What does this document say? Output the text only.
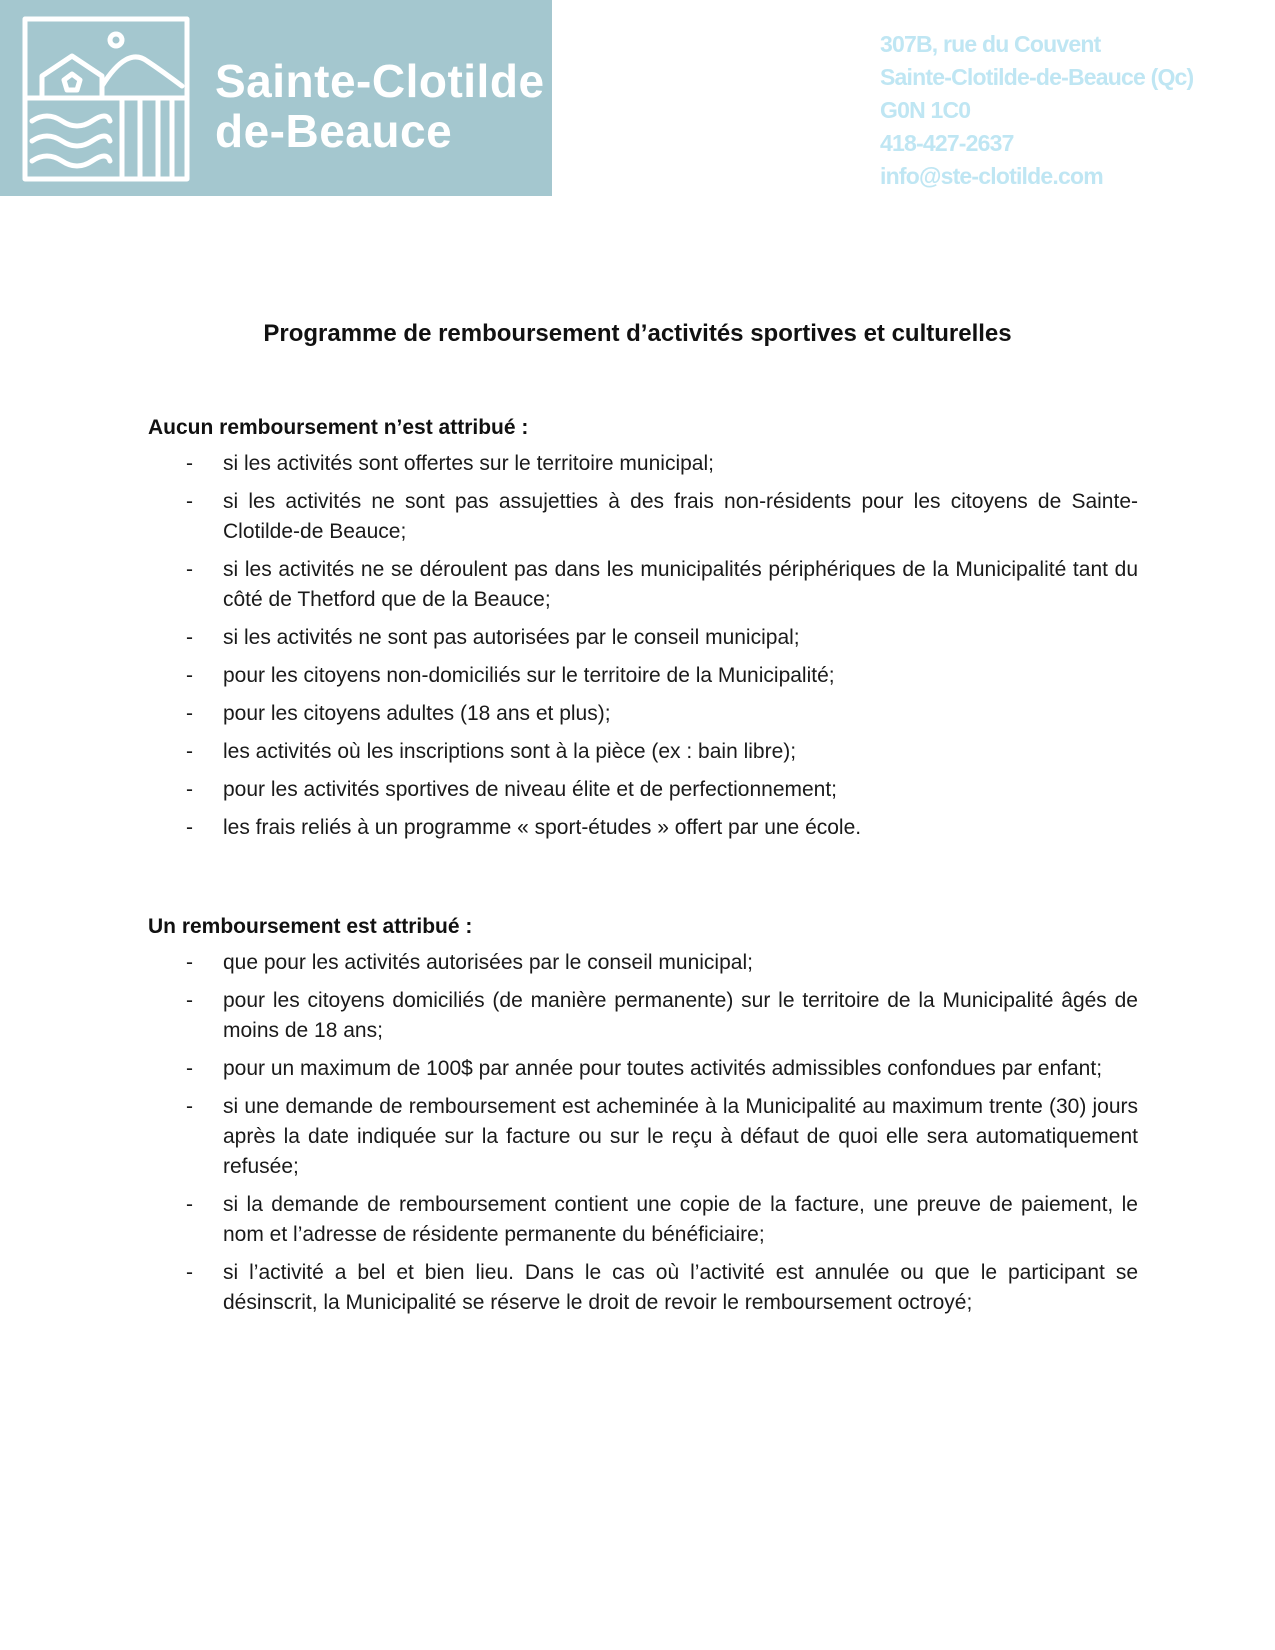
Sainte-Clotilde
de-Beauce
307B, rue du Couvent
Sainte-Clotilde-de-Beauce (Qc)
G0N 1C0
418-427-2637
info@ste-clotilde.com
Programme de remboursement d’activités sportives et culturelles
Aucun remboursement n’est attribué :
-	si les activités sont offertes sur le territoire municipal;
-	si les activités ne sont pas assujetties à des frais non-résidents pour les citoyens de Sainte-Clotilde-de Beauce;
-	si les activités ne se déroulent pas dans les municipalités périphériques de la Municipalité tant du côté de Thetford que de la Beauce;
-	si les activités ne sont pas autorisées par le conseil municipal;
-	pour les citoyens non-domiciliés sur le territoire de la Municipalité;
-	pour les citoyens adultes (18 ans et plus);
-	les activités où les inscriptions sont à la pièce (ex : bain libre);
-	pour les activités sportives de niveau élite et de perfectionnement;
-	les frais reliés à un programme « sport-études » offert par une école.
Un remboursement est attribué :
-	que pour les activités autorisées par le conseil municipal;
-	pour les citoyens domiciliés (de manière permanente) sur le territoire de la Municipalité âgés de moins de 18 ans;
-	pour un maximum de 100$ par année pour toutes activités admissibles confondues par enfant;
-	si une demande de remboursement est acheminée à la Municipalité au maximum trente (30) jours après la date indiquée sur la facture ou sur le reçu à défaut de quoi elle sera automatiquement refusée;
-	si la demande de remboursement contient une copie de la facture, une preuve de paiement, le nom et l’adresse de résidente permanente du bénéficiaire;
-	si l’activité a bel et bien lieu. Dans le cas où l’activité est annulée ou que le participant se désinscrit, la Municipalité se réserve le droit de revoir le remboursement octroyé;
